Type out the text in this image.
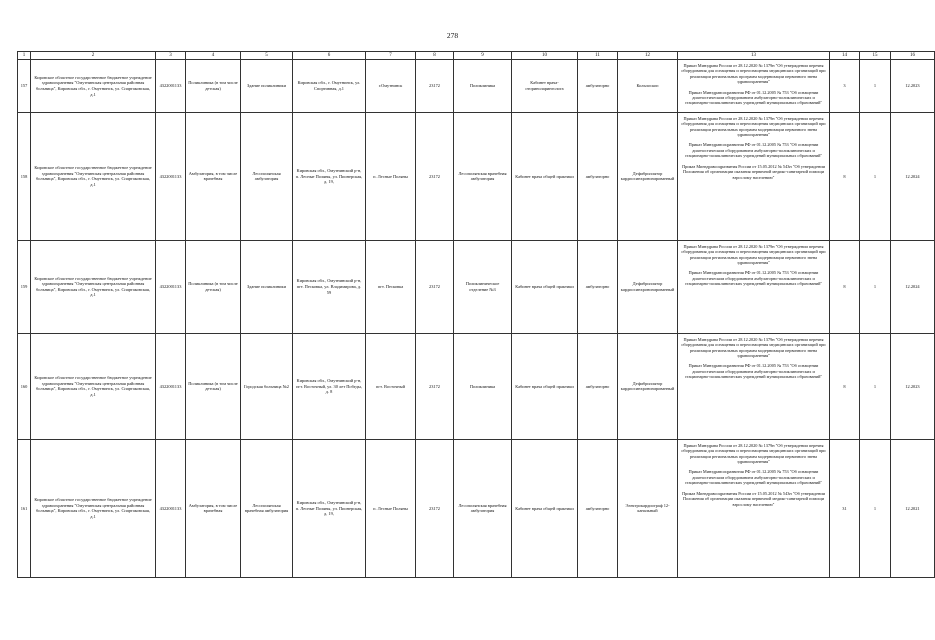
278
1	2	3	4	5	6	7	8	9	10	11	12	13	14	15	16
157	Кировское областное государственное бюджетное учреждение здравоохранения "Омутнинская центральная районная больница", Кировская обл., г. Омутнинск, ул. Спартаковская, д.1	4322001133	Поликлиника (в том числе детская)	Здание поликлиники	Кировская обл., г. Омутнинск, ул. Спортивная, д.1	г.Омутнинск	23172	Поликлиника	Кабинет врача-оториноларинголога	амбулаторно	Кольпоскоп	Приказ Минздрава России от 28.12.2020 № 1379н "Об утверждении перечня оборудования для оснащения и переоснащения медицинских организаций при реализации региональных программ модернизации первичного звена здравоохранения"

Приказ Минздравсоцразвития РФ от 01.12.2005 № 753 "Об оснащении диагностическим оборудованием амбулаторно-поликлинических и стационарно-поликлинических учреждений муниципальных образований"	3	1	12.2023
158	Кировское областное государственное бюджетное учреждение здравоохранения "Омутнинская центральная районная больница", Кировская обл., г. Омутнинск, ул. Спартаковская, д.1	4322001133	Амбулатория, в том числе врачебная	Лесополянская амбулатория	Кировская обл., Омутнинский р-н, п. Лесные Поляны, ул. Пионерская, д. 19,	п. Лесные Поляны	23172	Лесополянская врачебная амбулатория	Кабинет врача общей практики	амбулаторно	Дефибриллятор кардиосинхронизированный	Приказ Минздрава России от 28.12.2020 № 1379н "Об утверждении перечня оборудования для оснащения и переоснащения медицинских организаций при реализации региональных программ модернизации первичного звена здравоохранения"

Приказ Минздравсоцразвития РФ от 01.12.2005 № 753 "Об оснащении диагностическим оборудованием амбулаторно-поликлинических и стационарно-поликлинических учреждений муниципальных образований"

Приказ Минздравсоцразвития России от 15.05.2012 № 543н "Об утверждении Положения об организации оказания первичной медико-санитарной помощи взрослому населению"	8	1	12.2024
159	Кировское областное государственное бюджетное учреждение здравоохранения "Омутнинская центральная районная больница", Кировская обл., г. Омутнинск, ул. Спартаковская, д.1	4322001133	Поликлиника (в том числе детская)	Здание поликлиники	Кировская обл., Омутнинский р-н, пгт. Песковка, ул. Владимирова, д. 59	пгт. Песковка	23172	Поликлиническое отделение №3	Кабинет врача общей практики	амбулаторно	Дефибриллятор кардиосинхронизированный	Приказ Минздрава России от 28.12.2020 № 1379н "Об утверждении перечня оборудования для оснащения и переоснащения медицинских организаций при реализации региональных программ модернизации первичного звена здравоохранения"

Приказ Минздравсоцразвития РФ от 01.12.2005 № 753 "Об оснащении диагностическим оборудованием амбулаторно-поликлинических и стационарно-поликлинических учреждений муниципальных образований"	8	1	12.2024
160	Кировское областное государственное бюджетное учреждение здравоохранения "Омутнинская центральная районная больница", Кировская обл., г. Омутнинск, ул. Спартаковская, д.1	4322001133	Поликлиника (в том числе детская)	Городская больница №2	Кировская обл., Омутнинский р-н, пгт. Восточный, ул. 30 лет Победы, д. 8	пгт. Восточный	23172	Поликлиника	Кабинет врача общей практики	амбулаторно	Дефибриллятор кардиосинхронизированный	Приказ Минздрава России от 28.12.2020 № 1379н "Об утверждении перечня оборудования для оснащения и переоснащения медицинских организаций при реализации региональных программ модернизации первичного звена здравоохранения"

Приказ Минздравсоцразвития РФ от 01.12.2005 № 753 "Об оснащении диагностическим оборудованием амбулаторно-поликлинических и стационарно-поликлинических учреждений муниципальных образований"	8	1	12.2023
161	Кировское областное государственное бюджетное учреждение здравоохранения "Омутнинская центральная районная больница", Кировская обл., г. Омутнинск, ул. Спартаковская, д.1	4322001133	Амбулатория, в том числе врачебная	Лесополянская врачебная амбулатория	Кировская обл., Омутнинский р-н, п. Лесные Поляны, ул. Пионерская, д. 19,	п. Лесные Поляны	23172	Лесополянская врачебная амбулатория	Кабинет врача общей практики	амбулаторно	Электрокардиограф 12-канальный	Приказ Минздрава России от 28.12.2020 № 1379н "Об утверждении перечня оборудования для оснащения и переоснащения медицинских организаций при реализации региональных программ модернизации первичного звена здравоохранения"

Приказ Минздравсоцразвития РФ от 01.12.2005 № 753 "Об оснащении диагностическим оборудованием амбулаторно-поликлинических и стационарно-поликлинических учреждений муниципальных образований"

Приказ Минздравсоцразвития России от 15.05.2012 № 543н "Об утверждении Положения об организации оказания первичной медико-санитарной помощи взрослому населению"	31	1	12.2021
